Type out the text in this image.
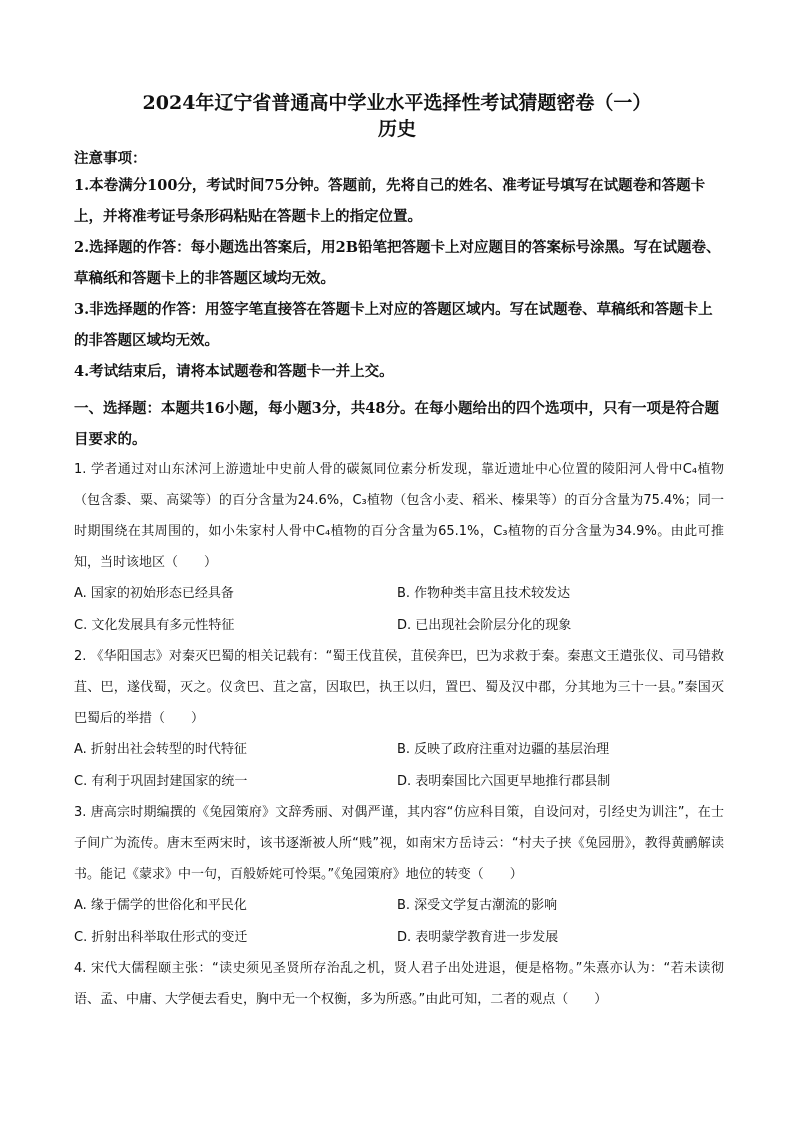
2024年辽宁省普通高中学业水平选择性考试猜题密卷（一）
历史
注意事项：
1.本卷满分100分，考试时间75分钟。答题前，先将自己的姓名、准考证号填写在试题卷和答题卡上，并将准考证号条形码粘贴在答题卡上的指定位置。
2.选择题的作答：每小题选出答案后，用2B铅笔把答题卡上对应题目的答案标号涂黑。写在试题卷、草稿纸和答题卡上的非答题区域均无效。
3.非选择题的作答：用签字笔直接答在答题卡上对应的答题区域内。写在试题卷、草稿纸和答题卡上的非答题区域均无效。
4.考试结束后，请将本试题卷和答题卡一并上交。
一、选择题：本题共16小题，每小题3分，共48分。在每小题给出的四个选项中，只有一项是符合题目要求的。
1. 学者通过对山东沭河上游遗址中史前人骨的碳氮同位素分析发现，靠近遗址中心位置的陵阳河人骨中C₄植物（包含黍、粟、高粱等）的百分含量为24.6%，C₃植物（包含小麦、稻米、榛果等）的百分含量为75.4%；同一时期围绕在其周围的，如小朱家村人骨中C₄植物的百分含量为65.1%，C₃植物的百分含量为34.9%。由此可推知，当时该地区（　　）
A. 国家的初始形态已经具备	B. 作物种类丰富且技术较发达
C. 文化发展具有多元性特征	D. 已出现社会阶层分化的现象
2. 《华阳国志》对秦灭巴蜀的相关记载有：“蜀王伐苴侯，苴侯奔巴，巴为求救于秦。秦惠文王遣张仪、司马错救苴、巴，遂伐蜀，灭之。仪贪巴、苴之富，因取巴，执王以归，置巴、蜀及汉中郡，分其地为三十一县。”秦国灭巴蜀后的举措（　　）
A. 折射出社会转型的时代特征	B. 反映了政府注重对边疆的基层治理
C. 有利于巩固封建国家的统一	D. 表明秦国比六国更早地推行郡县制
3. 唐高宗时期编撰的《兔园策府》文辞秀丽、对偶严谨，其内容“仿应科目策，自设问对，引经史为训注”，在士子间广为流传。唐末至两宋时，该书逐渐被人所“贱”视，如南宋方岳诗云：“村夫子挟《兔园册》，教得黄鹂解读书。能记《蒙求》中一句，百般娇姹可怜渠。”《兔园策府》地位的转变（　　）
A. 缘于儒学的世俗化和平民化	B. 深受文学复古潮流的影响
C. 折射出科举取仕形式的变迁	D. 表明蒙学教育进一步发展
4. 宋代大儒程颐主张：“读史须见圣贤所存治乱之机，贤人君子出处进退，便是格物。”朱熹亦认为：“若未读彻语、孟、中庸、大学便去看史，胸中无一个权衡，多为所惑。”由此可知，二者的观点（　　）
